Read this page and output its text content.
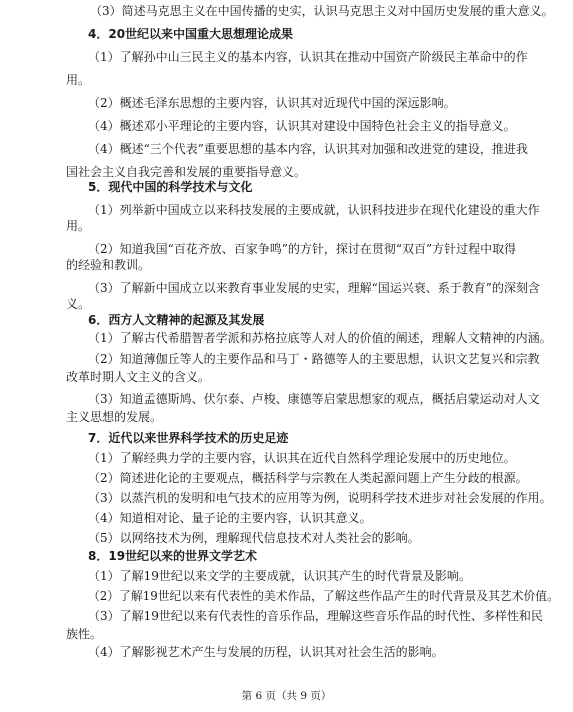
（3）简述马克思主义在中国传播的史实，认识马克思主义对中国历史发展的重大意义。
4．20世纪以来中国重大思想理论成果
（1）了解孙中山三民主义的基本内容，认识其在推动中国资产阶级民主革命中的作
用。
（2）概述毛泽东思想的主要内容，认识其对近现代中国的深远影响。
（4）概述邓小平理论的主要内容，认识其对建设中国特色社会主义的指导意义。
（4）概述“三个代表”重要思想的基本内容，认识其对加强和改进党的建设，推进我
国社会主义自我完善和发展的重要指导意义。
5．现代中国的科学技术与文化
（1）列举新中国成立以来科技发展的主要成就，认识科技进步在现代化建设的重大作
用。
（2）知道我国“百花齐放、百家争鸣”的方针，探讨在贯彻“双百”方针过程中取得
的经验和教训。
（3）了解新中国成立以来教育事业发展的史实，理解“国运兴衰、系于教育”的深刻含
义。
6．西方人文精神的起源及其发展
（1）了解古代希腊智者学派和苏格拉底等人对人的价值的阐述，理解人文精神的内涵。
（2）知道薄伽丘等人的主要作品和马丁・路德等人的主要思想，认识文艺复兴和宗教
改革时期人文主义的含义。
（3）知道孟德斯鸠、伏尔泰、卢梭、康德等启蒙思想家的观点，概括启蒙运动对人文
主义思想的发展。
7．近代以来世界科学技术的历史足迹
（1）了解经典力学的主要内容，认识其在近代自然科学理论发展中的历史地位。
（2）简述进化论的主要观点，概括科学与宗教在人类起源问题上产生分歧的根源。
（3）以蒸汽机的发明和电气技术的应用等为例，说明科学技术进步对社会发展的作用。
（4）知道相对论、量子论的主要内容，认识其意义。
（5）以网络技术为例，理解现代信息技术对人类社会的影响。
8．19世纪以来的世界文学艺术
（1）了解19世纪以来文学的主要成就，认识其产生的时代背景及影响。
（2）了解19世纪以来有代表性的美术作品，了解这些作品产生的时代背景及其艺术价值。
（3）了解19世纪以来有代表性的音乐作品，理解这些音乐作品的时代性、多样性和民
族性。
（4）了解影视艺术产生与发展的历程，认识其对社会生活的影响。
第 6 页（共 9 页）
